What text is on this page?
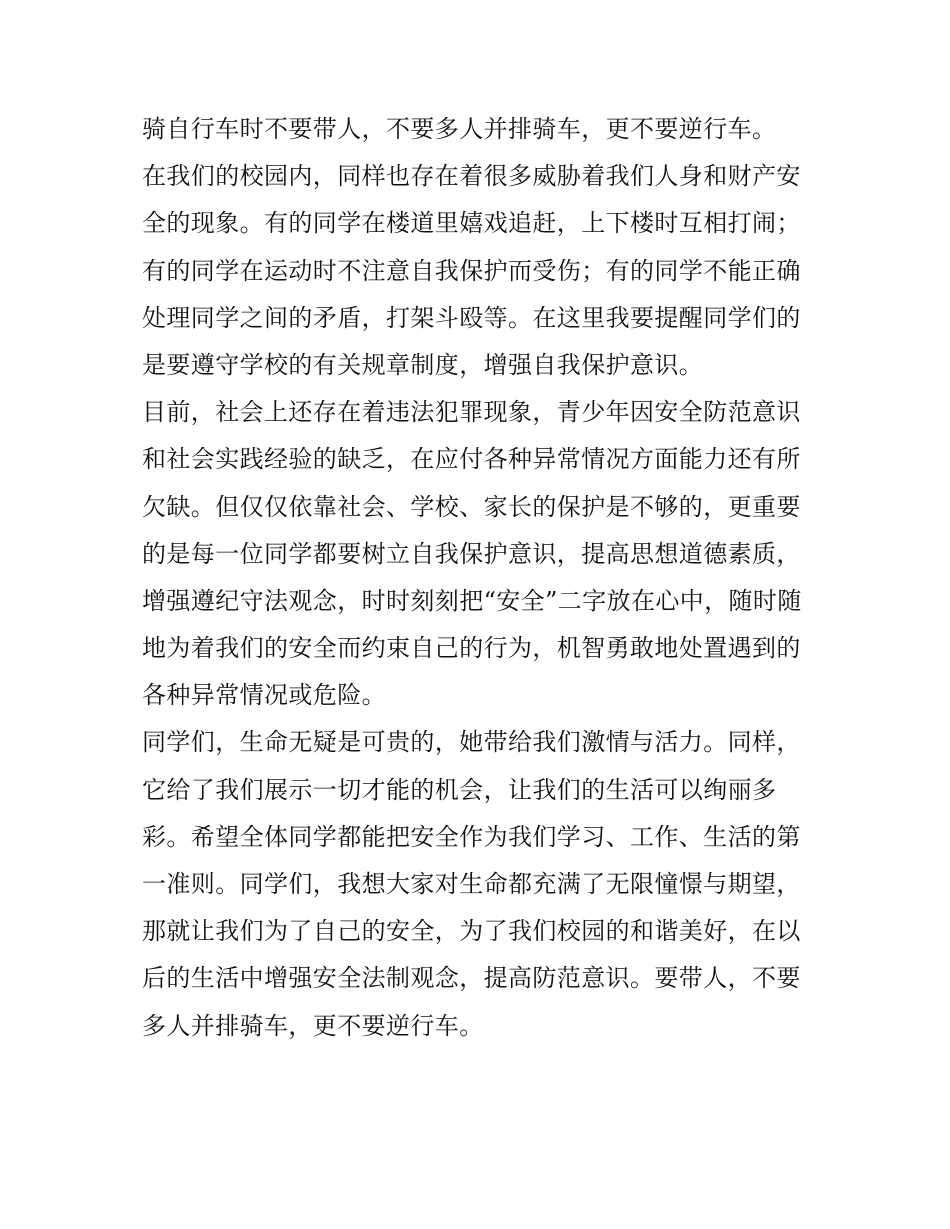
骑自行车时不要带人，不要多人并排骑车，更不要逆行车。
在我们的校园内，同样也存在着很多威胁着我们人身和财产安
全的现象。有的同学在楼道里嬉戏追赶，上下楼时互相打闹；
有的同学在运动时不注意自我保护而受伤；有的同学不能正确
处理同学之间的矛盾，打架斗殴等。在这里我要提醒同学们的
是要遵守学校的有关规章制度，增强自我保护意识。
目前，社会上还存在着违法犯罪现象，青少年因安全防范意识
和社会实践经验的缺乏，在应付各种异常情况方面能力还有所
欠缺。但仅仅依靠社会、学校、家长的保护是不够的，更重要
的是每一位同学都要树立自我保护意识，提高思想道德素质，
增强遵纪守法观念，时时刻刻把“安全”二字放在心中，随时随
地为着我们的安全而约束自己的行为，机智勇敢地处置遇到的
各种异常情况或危险。
同学们，生命无疑是可贵的，她带给我们激情与活力。同样，
它给了我们展示一切才能的机会，让我们的生活可以绚丽多
彩。希望全体同学都能把安全作为我们学习、工作、生活的第
一准则。同学们，我想大家对生命都充满了无限憧憬与期望，
那就让我们为了自己的安全，为了我们校园的和谐美好，在以
后的生活中增强安全法制观念，提高防范意识。要带人，不要
多人并排骑车，更不要逆行车。
